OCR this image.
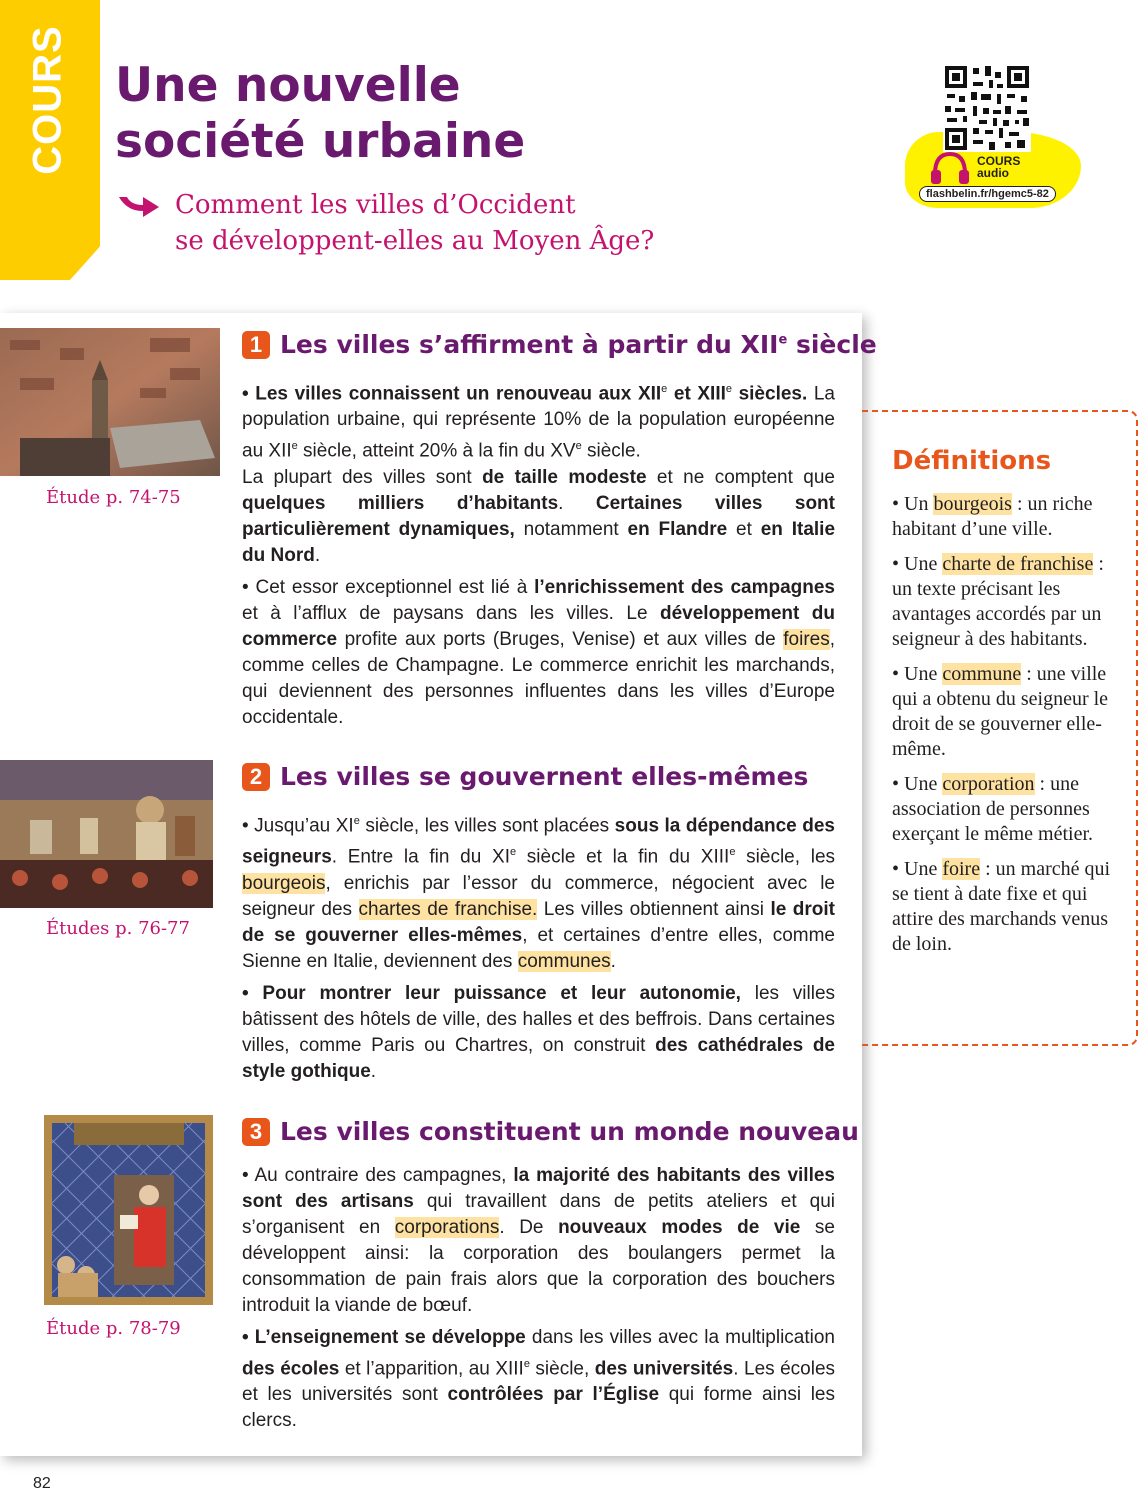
COURS Une nouvelle
société urbaine

Comment les villes d’Occident
se développent-elles au Moyen Âge?

COURS
audio
flashbelin.fr/hgemc5-82

Étude p. 74-75

Études p. 76-77

Étude p. 78-79

1 Les villes s’affirment à partir du XIIe siècle

• Les villes connaissent un renouveau aux XIIe et XIIIe siècles. La population urbaine, qui représente 10% de la population européenne au XIIe siècle, atteint 20% à la fin du XVe siècle.

La plupart des villes sont de taille modeste et ne comptent que quelques milliers d’habitants. Certaines villes sont particulièrement dynamiques, notamment en Flandre et en Italie du Nord.

• Cet essor exceptionnel est lié à l’enrichissement des campagnes et à l’afflux de paysans dans les villes. Le développement du commerce profite aux ports (Bruges, Venise) et aux villes de foires, comme celles de Champagne. Le commerce enrichit les marchands, qui deviennent des personnes influentes dans les villes d’Europe occidentale.

2 Les villes se gouvernent elles-mêmes

• Jusqu’au XIe siècle, les villes sont placées sous la dépendance des seigneurs. Entre la fin du XIe siècle et la fin du XIIIe siècle, les bourgeois, enrichis par l’essor du commerce, négocient avec le seigneur des chartes de franchise. Les villes obtiennent ainsi le droit de se gouverner elles-mêmes, et certaines d’entre elles, comme Sienne en Italie, deviennent des communes.

• Pour montrer leur puissance et leur autonomie, les villes bâtissent des hôtels de ville, des halles et des beffrois. Dans certaines villes, comme Paris ou Chartres, on construit des cathédrales de style gothique.

3 Les villes constituent un monde nouveau

• Au contraire des campagnes, la majorité des habitants des villes sont des artisans qui travaillent dans de petits ateliers et qui s’organisent en corporations. De nouveaux modes de vie se développent ainsi: la corporation des boulangers permet la consommation de pain frais alors que la corporation des bouchers introduit la viande de bœuf.

• L’enseignement se développe dans les villes avec la multiplication des écoles et l’apparition, au XIIIe siècle, des universités. Les écoles et les universités sont contrôlées par l’Église qui forme ainsi les clercs.

Définitions
• Un bourgeois : un riche habitant d’une ville.
• Une charte de franchise : un texte précisant les avantages accordés par un seigneur à des habitants.
• Une commune : une ville qui a obtenu du seigneur le droit de se gouverner elle-même.
• Une corporation : une association de personnes exerçant le même métier.
• Une foire : un marché qui se tient à date fixe et qui attire des marchands venus de loin.

82
